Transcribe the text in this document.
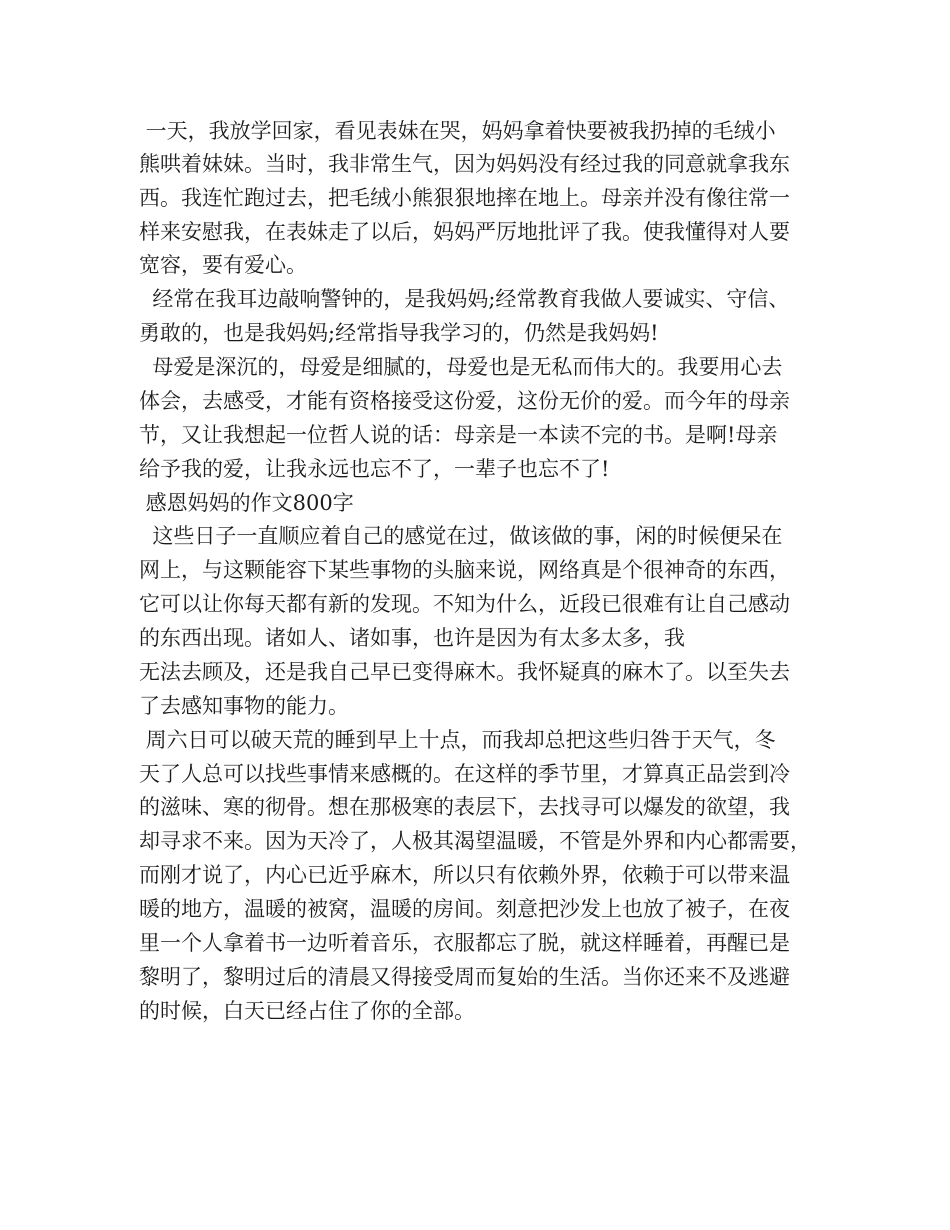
一天，我放学回家，看见表妹在哭，妈妈拿着快要被我扔掉的毛绒小
熊哄着妹妹。当时，我非常生气，因为妈妈没有经过我的同意就拿我东
西。我连忙跑过去，把毛绒小熊狠狠地摔在地上。母亲并没有像往常一
样来安慰我，在表妹走了以后，妈妈严厉地批评了我。使我懂得对人要
宽容，要有爱心。
经常在我耳边敲响警钟的，是我妈妈;经常教育我做人要诚实、守信、
勇敢的，也是我妈妈;经常指导我学习的，仍然是我妈妈!
母爱是深沉的，母爱是细腻的，母爱也是无私而伟大的。我要用心去
体会，去感受，才能有资格接受这份爱，这份无价的爱。而今年的母亲
节，又让我想起一位哲人说的话：母亲是一本读不完的书。是啊!母亲
给予我的爱，让我永远也忘不了，一辈子也忘不了!
感恩妈妈的作文800字
这些日子一直顺应着自己的感觉在过，做该做的事，闲的时候便呆在
网上，与这颗能容下某些事物的头脑来说，网络真是个很神奇的东西，
它可以让你每天都有新的发现。不知为什么，近段已很难有让自己感动
的东西出现。诸如人、诸如事，也许是因为有太多太多，我
无法去顾及，还是我自己早已变得麻木。我怀疑真的麻木了。以至失去
了去感知事物的能力。
周六日可以破天荒的睡到早上十点，而我却总把这些归咎于天气，冬
天了人总可以找些事情来感概的。在这样的季节里，才算真正品尝到冷
的滋味、寒的彻骨。想在那极寒的表层下，去找寻可以爆发的欲望，我
却寻求不来。因为天冷了，人极其渴望温暖，不管是外界和内心都需要，
而刚才说了，内心已近乎麻木，所以只有依赖外界，依赖于可以带来温
暖的地方，温暖的被窝，温暖的房间。刻意把沙发上也放了被子，在夜
里一个人拿着书一边听着音乐，衣服都忘了脱，就这样睡着，再醒已是
黎明了，黎明过后的清晨又得接受周而复始的生活。当你还来不及逃避
的时候，白天已经占住了你的全部。
